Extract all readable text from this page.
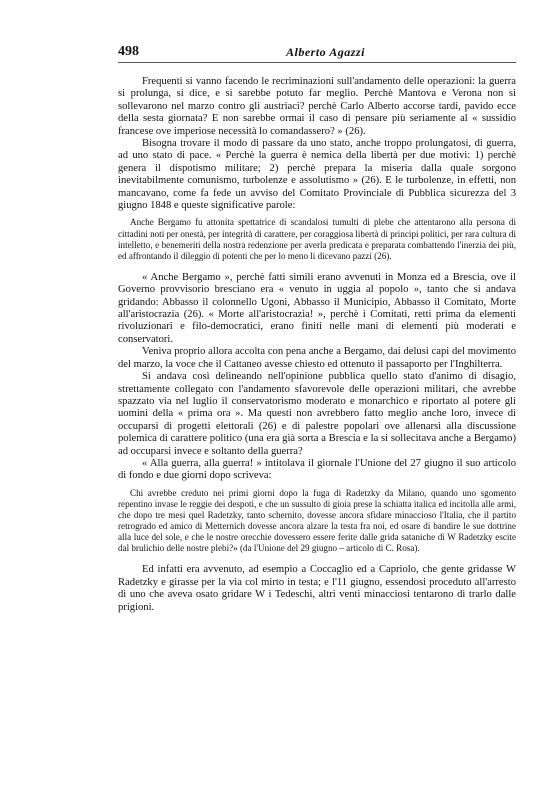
498	Alberto Agazzi

Frequenti si vanno facendo le recriminazioni sull'andamento delle operazioni: la guerra si prolunga, si dice, e si sarebbe potuto far meglio. Perchè Mantova e Verona non si sollevarono nel marzo contro gli austriaci? perchè Carlo Alberto accorse tardi, pavido ecce della sesta giornata? E non sarebbe ormai il caso di pensare più seriamente al « sussidio francese ove imperiose necessità lo comandassero? » (26).

Bisogna trovare il modo di passare da uno stato, anche troppo prolungatosi, di guerra, ad uno stato di pace. « Perchè la guerra è nemica della libertà per due motivi: 1) perchè genera il dispotismo militare; 2) perchè prepara la miseria dalla quale sorgono inevitabilmente comunismo, turbolenze e assolutismo » (26). E le turbolenze, in effetti, non mancavano, come fa fede un avviso del Comitato Provinciale di Pubblica sicurezza del 3 giugno 1848 e queste significative parole:

Anche Bergamo fu attonita spettatrice di scandalosi tumulti di plebe che attentarono alla persona di cittadini noti per onestà, per integrità di carattere, per coraggiosa libertà di principi politici, per rara cultura di intelletto, e benemeriti della nostra redenzione per averla predicata e preparata combattendo l'inerzia dei più, ed affrontando il dileggio di potenti che per lo meno li dicevano pazzi (26).

« Anche Bergamo », perchè fatti simili erano avvenuti in Monza ed a Brescia, ove il Governo provvisorio bresciano era « venuto in uggia al popolo », tanto che si andava gridando: Abbasso il colonnello Ugoni, Abbasso il Municipio, Abbasso il Comitato, Morte all'aristocrazia (26). « Morte all'aristocrazia! », perchè i Comitati, retti prima da elementi rivoluzionari e filo-democratici, erano finiti nelle mani di elementi più moderati e conservatori.

Veniva proprio allora accolta con pena anche a Bergamo, dai delusi capi del movimento del marzo, la voce che il Cattaneo avesse chiesto ed ottenuto il passaporto per l'Inghilterra.

Si andava così delineando nell'opinione pubblica quello stato d'animo di disagio, strettamente collegato con l'andamento sfavorevole delle operazioni militari, che avrebbe spazzato via nel luglio il conservatorismo moderato e monarchico e riportato al potere gli uomini della « prima ora ». Ma questi non avrebbero fatto meglio anche loro, invece di occuparsi di progetti elettorali (26) e di palestre popolari ove allenarsi alla discussione polemica di carattere politico (una era già sorta a Brescia e la si sollecitava anche a Bergamo) ad occuparsi invece e soltanto della guerra?

« Alla guerra, alla guerra! » intitolava il giornale l'Unione del 27 giugno il suo articolo di fondo e due giorni dopo scriveva:

Chi avrebbe creduto nei primi giorni dopo la fuga di Radetzky da Milano, quando uno sgomento repentino invase le reggie dei despoti, e che un sussulto di gioia prese la schiatta italica ed incitolla alle armi, che dopo tre mesi quel Radetzky, tanto schernito, dovesse ancora sfidare minaccioso l'Italia, che il partito retrogrado ed amico di Metternich dovesse ancora alzare la testa fra noi, ed osare di bandire le sue dottrine alla luce del sole, e che le nostre orecchie dovessero essere ferite dalle grida sataniche di W Radetzky escite dal brulichio delle nostre plebi?» (da l'Unione del 29 giugno – articolo di C. Rosa).

Ed infatti era avvenuto, ad esempio a Coccaglio ed a Capriolo, che gente gridasse W Radetzky e girasse per la via col mirto in testa; e l'11 giugno, essendosi proceduto all'arresto di uno che aveva osato gridare W i Tedeschi, altri venti minacciosi tentarono di trarlo dalle prigioni.
